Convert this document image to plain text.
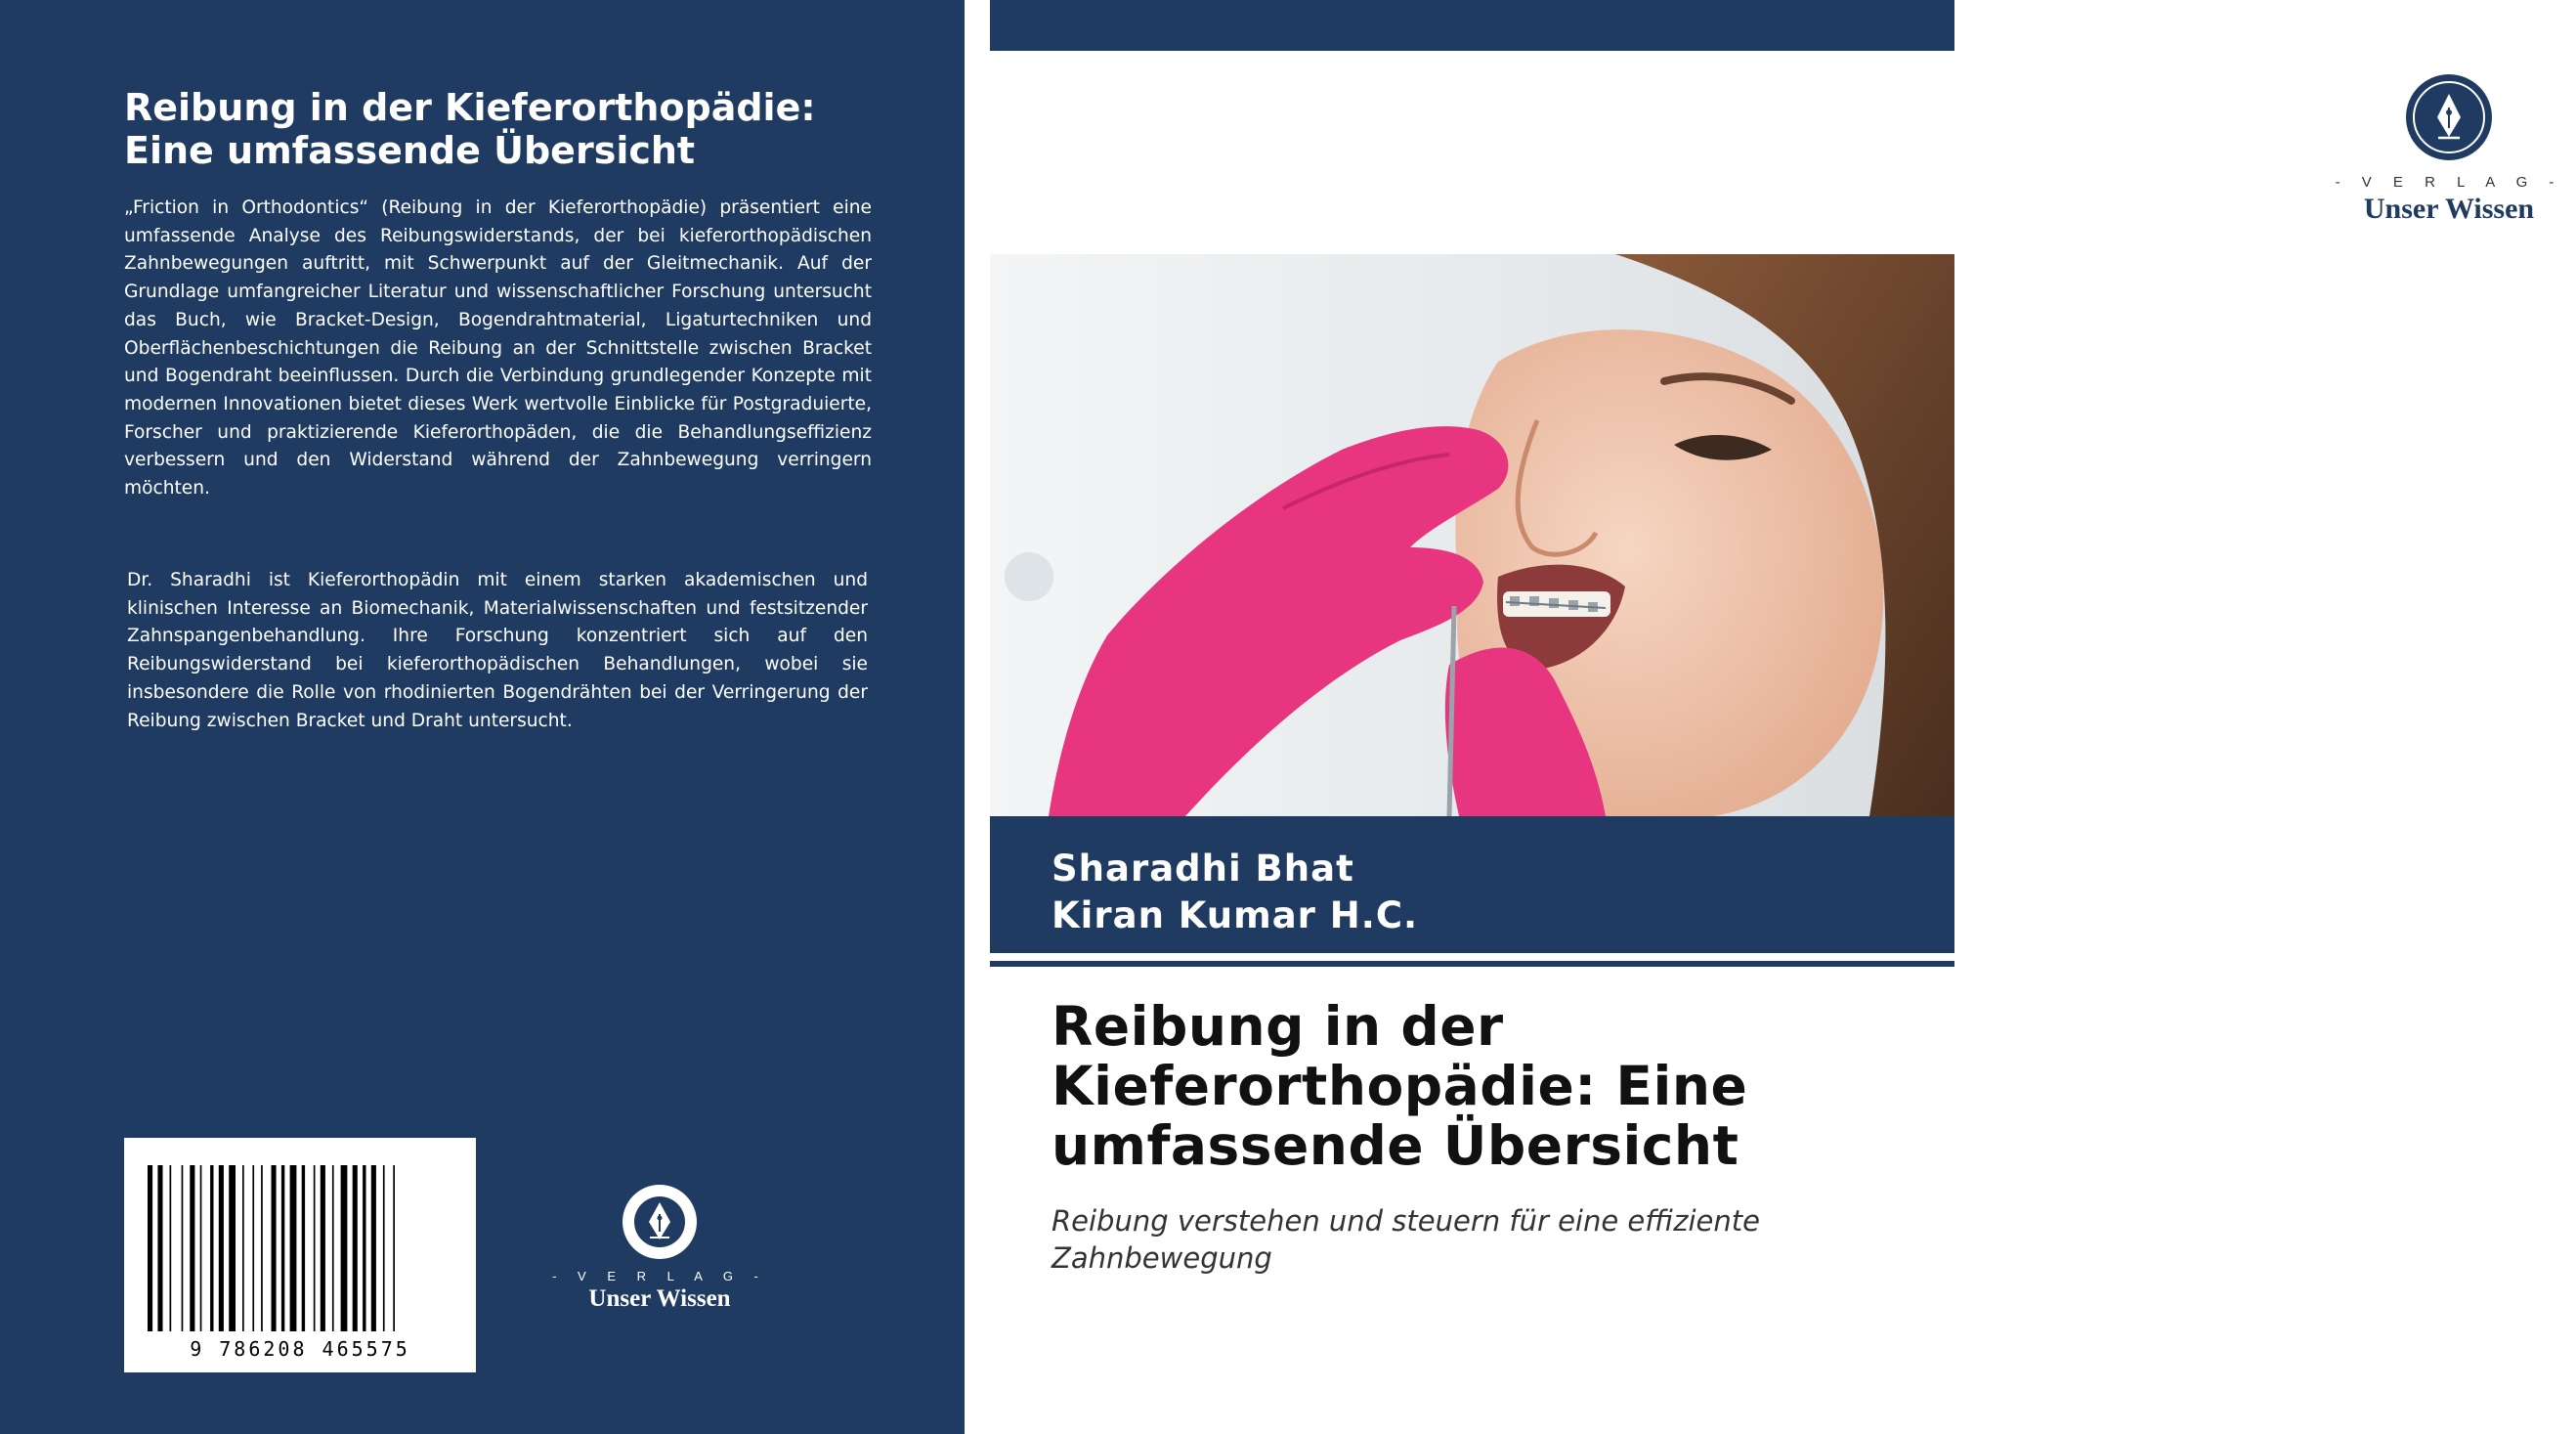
Reibung in der Kieferorthopädie: Eine umfassende Übersicht

„Friction in Orthodontics“ (Reibung in der Kieferorthopädie) präsentiert eine umfassende Analyse des Reibungswiderstands, der bei kieferorthopädischen Zahnbewegungen auftritt, mit Schwerpunkt auf der Gleitmechanik. Auf der Grundlage umfangreicher Literatur und wissenschaftlicher Forschung untersucht das Buch, wie Bracket-Design, Bogendrahtmaterial, Ligaturtechniken und Oberflächenbeschichtungen die Reibung an der Schnittstelle zwischen Bracket und Bogendraht beeinflussen. Durch die Verbindung grundlegender Konzepte mit modernen Innovationen bietet dieses Werk wertvolle Einblicke für Postgraduierte, Forscher und praktizierende Kieferorthopäden, die die Behandlungseffizienz verbessern und den Widerstand während der Zahnbewegung verringern möchten.

Dr. Sharadhi ist Kieferorthopädin mit einem starken akademischen und klinischen Interesse an Biomechanik, Materialwissenschaften und festsitzender Zahnspangenbehandlung. Ihre Forschung konzentriert sich auf den Reibungswiderstand bei kieferorthopädischen Behandlungen, wobei sie insbesondere die Rolle von rhodinierten Bogendrähten bei der Verringerung der Reibung zwischen Bracket und Draht untersucht.

9 786208 465575
- V E R L A G -
Unser Wissen
- V E R L A G -
Unser Wissen

Sharadhi Bhat

Kiran Kumar H.C.

Reibung in der Kieferorthopädie: Eine umfassende Übersicht

Reibung verstehen und steuern für eine effiziente Zahnbewegung
